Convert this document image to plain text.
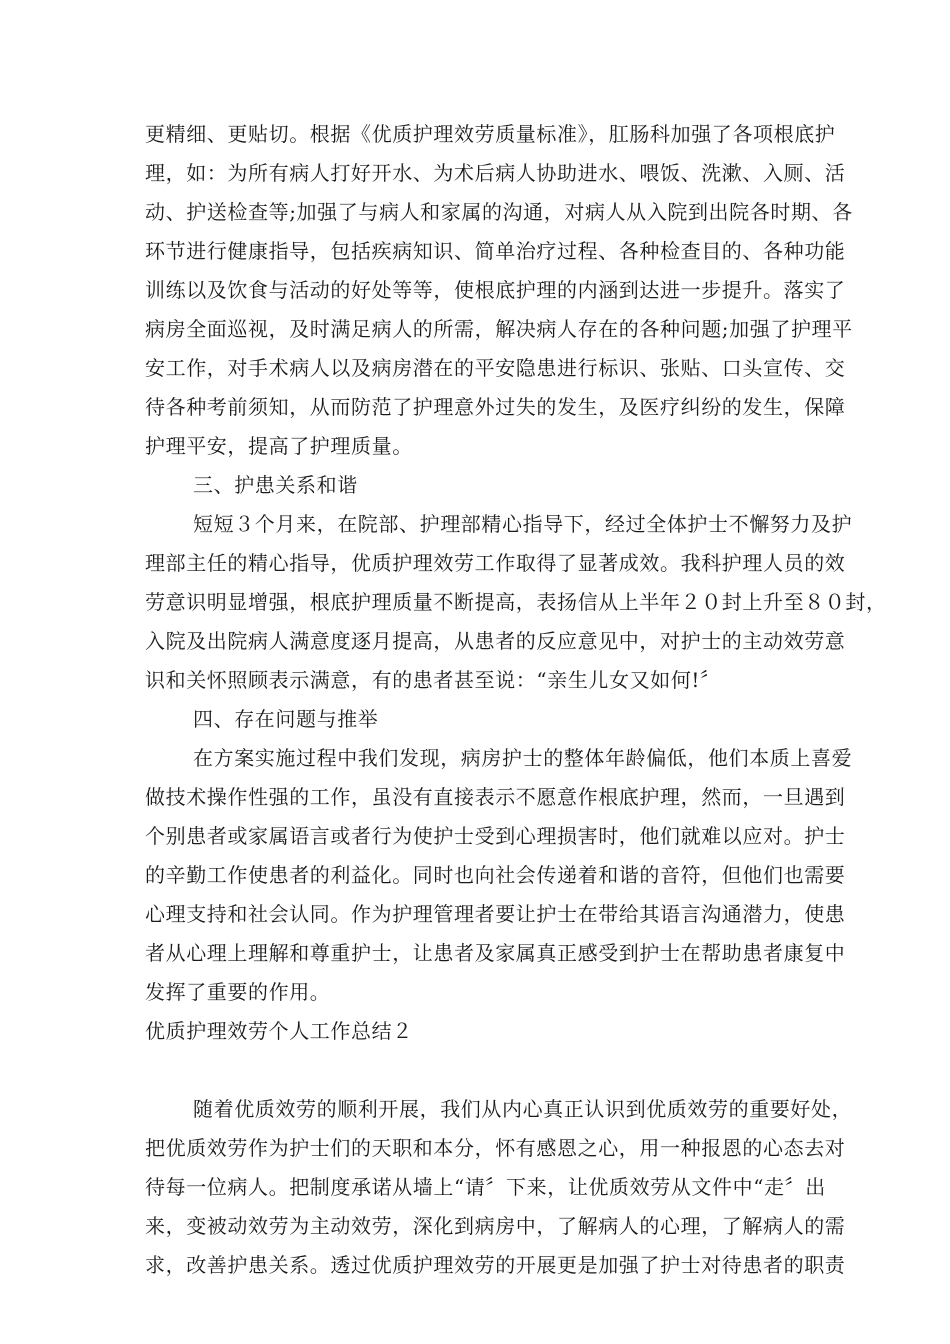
更精细、更贴切。根据《优质护理效劳质量标准》，肛肠科加强了各项根底护
理，如：为所有病人打好开水、为术后病人协助进水、喂饭、洗漱、入厕、活
动、护送检查等;加强了与病人和家属的沟通，对病人从入院到出院各时期、各
环节进行健康指导，包括疾病知识、简单治疗过程、各种检查目的、各种功能
训练以及饮食与活动的好处等等，使根底护理的内涵到达进一步提升。落实了
病房全面巡视，及时满足病人的所需，解决病人存在的各种问题;加强了护理平
安工作，对手术病人以及病房潜在的平安隐患进行标识、张贴、口头宣传、交
待各种考前须知，从而防范了护理意外过失的发生，及医疗纠纷的发生，保障
护理平安，提高了护理质量。
三、护患关系和谐
短短３个月来，在院部、护理部精心指导下，经过全体护士不懈努力及护
理部主任的精心指导，优质护理效劳工作取得了显著成效。我科护理人员的效
劳意识明显增强，根底护理质量不断提高，表扬信从上半年２０封上升至８０封，
入院及出院病人满意度逐月提高，从患者的反应意见中，对护士的主动效劳意
识和关怀照顾表示满意，有的患者甚至说：“亲生儿女又如何!〞
四、存在问题与推举
在方案实施过程中我们发现，病房护士的整体年龄偏低，他们本质上喜爱
做技术操作性强的工作，虽没有直接表示不愿意作根底护理，然而，一旦遇到
个别患者或家属语言或者行为使护士受到心理损害时，他们就难以应对。护士
的辛勤工作使患者的利益化。同时也向社会传递着和谐的音符，但他们也需要
心理支持和社会认同。作为护理管理者要让护士在带给其语言沟通潜力，使患
者从心理上理解和尊重护士，让患者及家属真正感受到护士在帮助患者康复中
发挥了重要的作用。
优质护理效劳个人工作总结２
随着优质效劳的顺利开展，我们从内心真正认识到优质效劳的重要好处，
把优质效劳作为护士们的天职和本分，怀有感恩之心，用一种报恩的心态去对
待每一位病人。把制度承诺从墙上“请〞下来，让优质效劳从文件中“走〞出
来，变被动效劳为主动效劳，深化到病房中，了解病人的心理，了解病人的需
求，改善护患关系。透过优质护理效劳的开展更是加强了护士对待患者的职责
